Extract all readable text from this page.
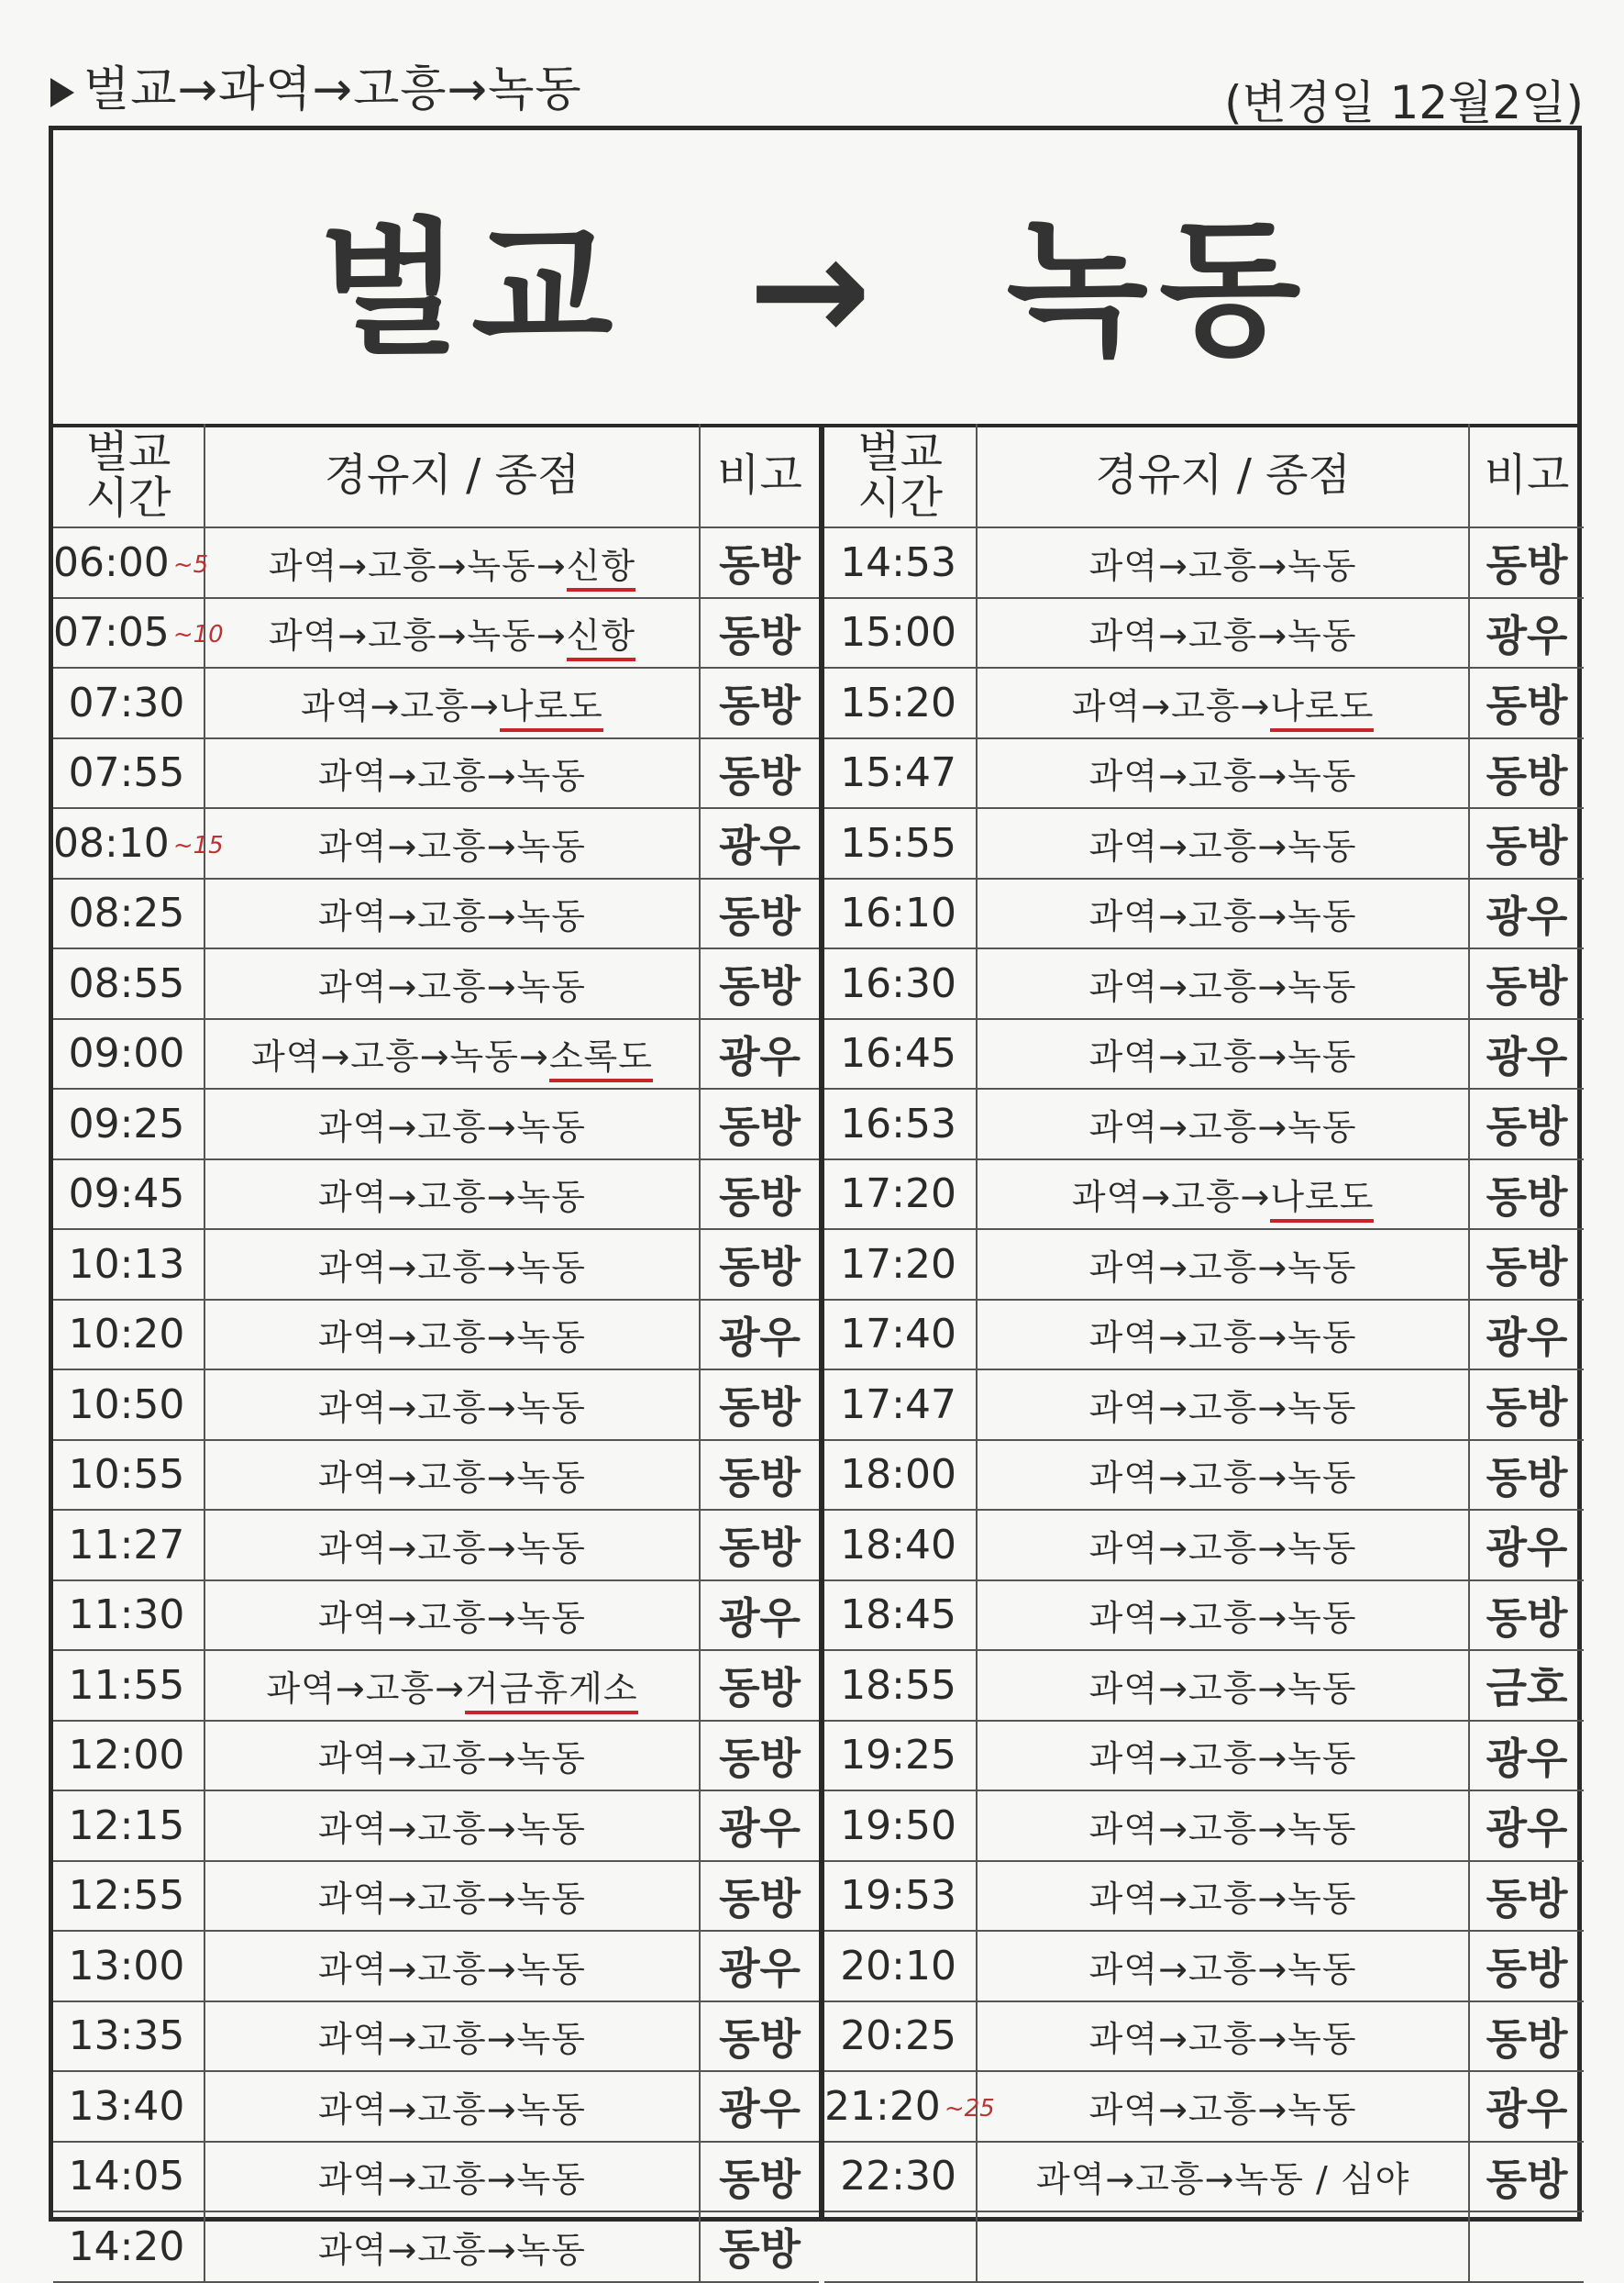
벌교→과역→고흥→녹동	(변경일 12월2일)
벌교  →  녹동
벌교
시간	경유지 / 종점	비고
06:00 ~5	과역→고흥→녹동→신항	동방
07:05 ~10	과역→고흥→녹동→신항	동방
07:30	과역→고흥→나로도	동방
07:55	과역→고흥→녹동	동방
08:10 ~15	과역→고흥→녹동	광우
08:25	과역→고흥→녹동	동방
08:55	과역→고흥→녹동	동방
09:00	과역→고흥→녹동→소록도	광우
09:25	과역→고흥→녹동	동방
09:45	과역→고흥→녹동	동방
10:13	과역→고흥→녹동	동방
10:20	과역→고흥→녹동	광우
10:50	과역→고흥→녹동	동방
10:55	과역→고흥→녹동	동방
11:27	과역→고흥→녹동	동방
11:30	과역→고흥→녹동	광우
11:55	과역→고흥→거금휴게소	동방
12:00	과역→고흥→녹동	동방
12:15	과역→고흥→녹동	광우
12:55	과역→고흥→녹동	동방
13:00	과역→고흥→녹동	광우
13:35	과역→고흥→녹동	동방
13:40	과역→고흥→녹동	광우
14:05	과역→고흥→녹동	동방
14:20	과역→고흥→녹동	동방
벌교
시간	경유지 / 종점	비고
14:53	과역→고흥→녹동	동방
15:00	과역→고흥→녹동	광우
15:20	과역→고흥→나로도	동방
15:47	과역→고흥→녹동	동방
15:55	과역→고흥→녹동	동방
16:10	과역→고흥→녹동	광우
16:30	과역→고흥→녹동	동방
16:45	과역→고흥→녹동	광우
16:53	과역→고흥→녹동	동방
17:20	과역→고흥→나로도	동방
17:20	과역→고흥→녹동	동방
17:40	과역→고흥→녹동	광우
17:47	과역→고흥→녹동	동방
18:00	과역→고흥→녹동	동방
18:40	과역→고흥→녹동	광우
18:45	과역→고흥→녹동	동방
18:55	과역→고흥→녹동	금호
19:25	과역→고흥→녹동	광우
19:50	과역→고흥→녹동	광우
19:53	과역→고흥→녹동	동방
20:10	과역→고흥→녹동	동방
20:25	과역→고흥→녹동	동방
21:20 ~25	과역→고흥→녹동	광우
22:30	과역→고흥→녹동 / 심야	동방
